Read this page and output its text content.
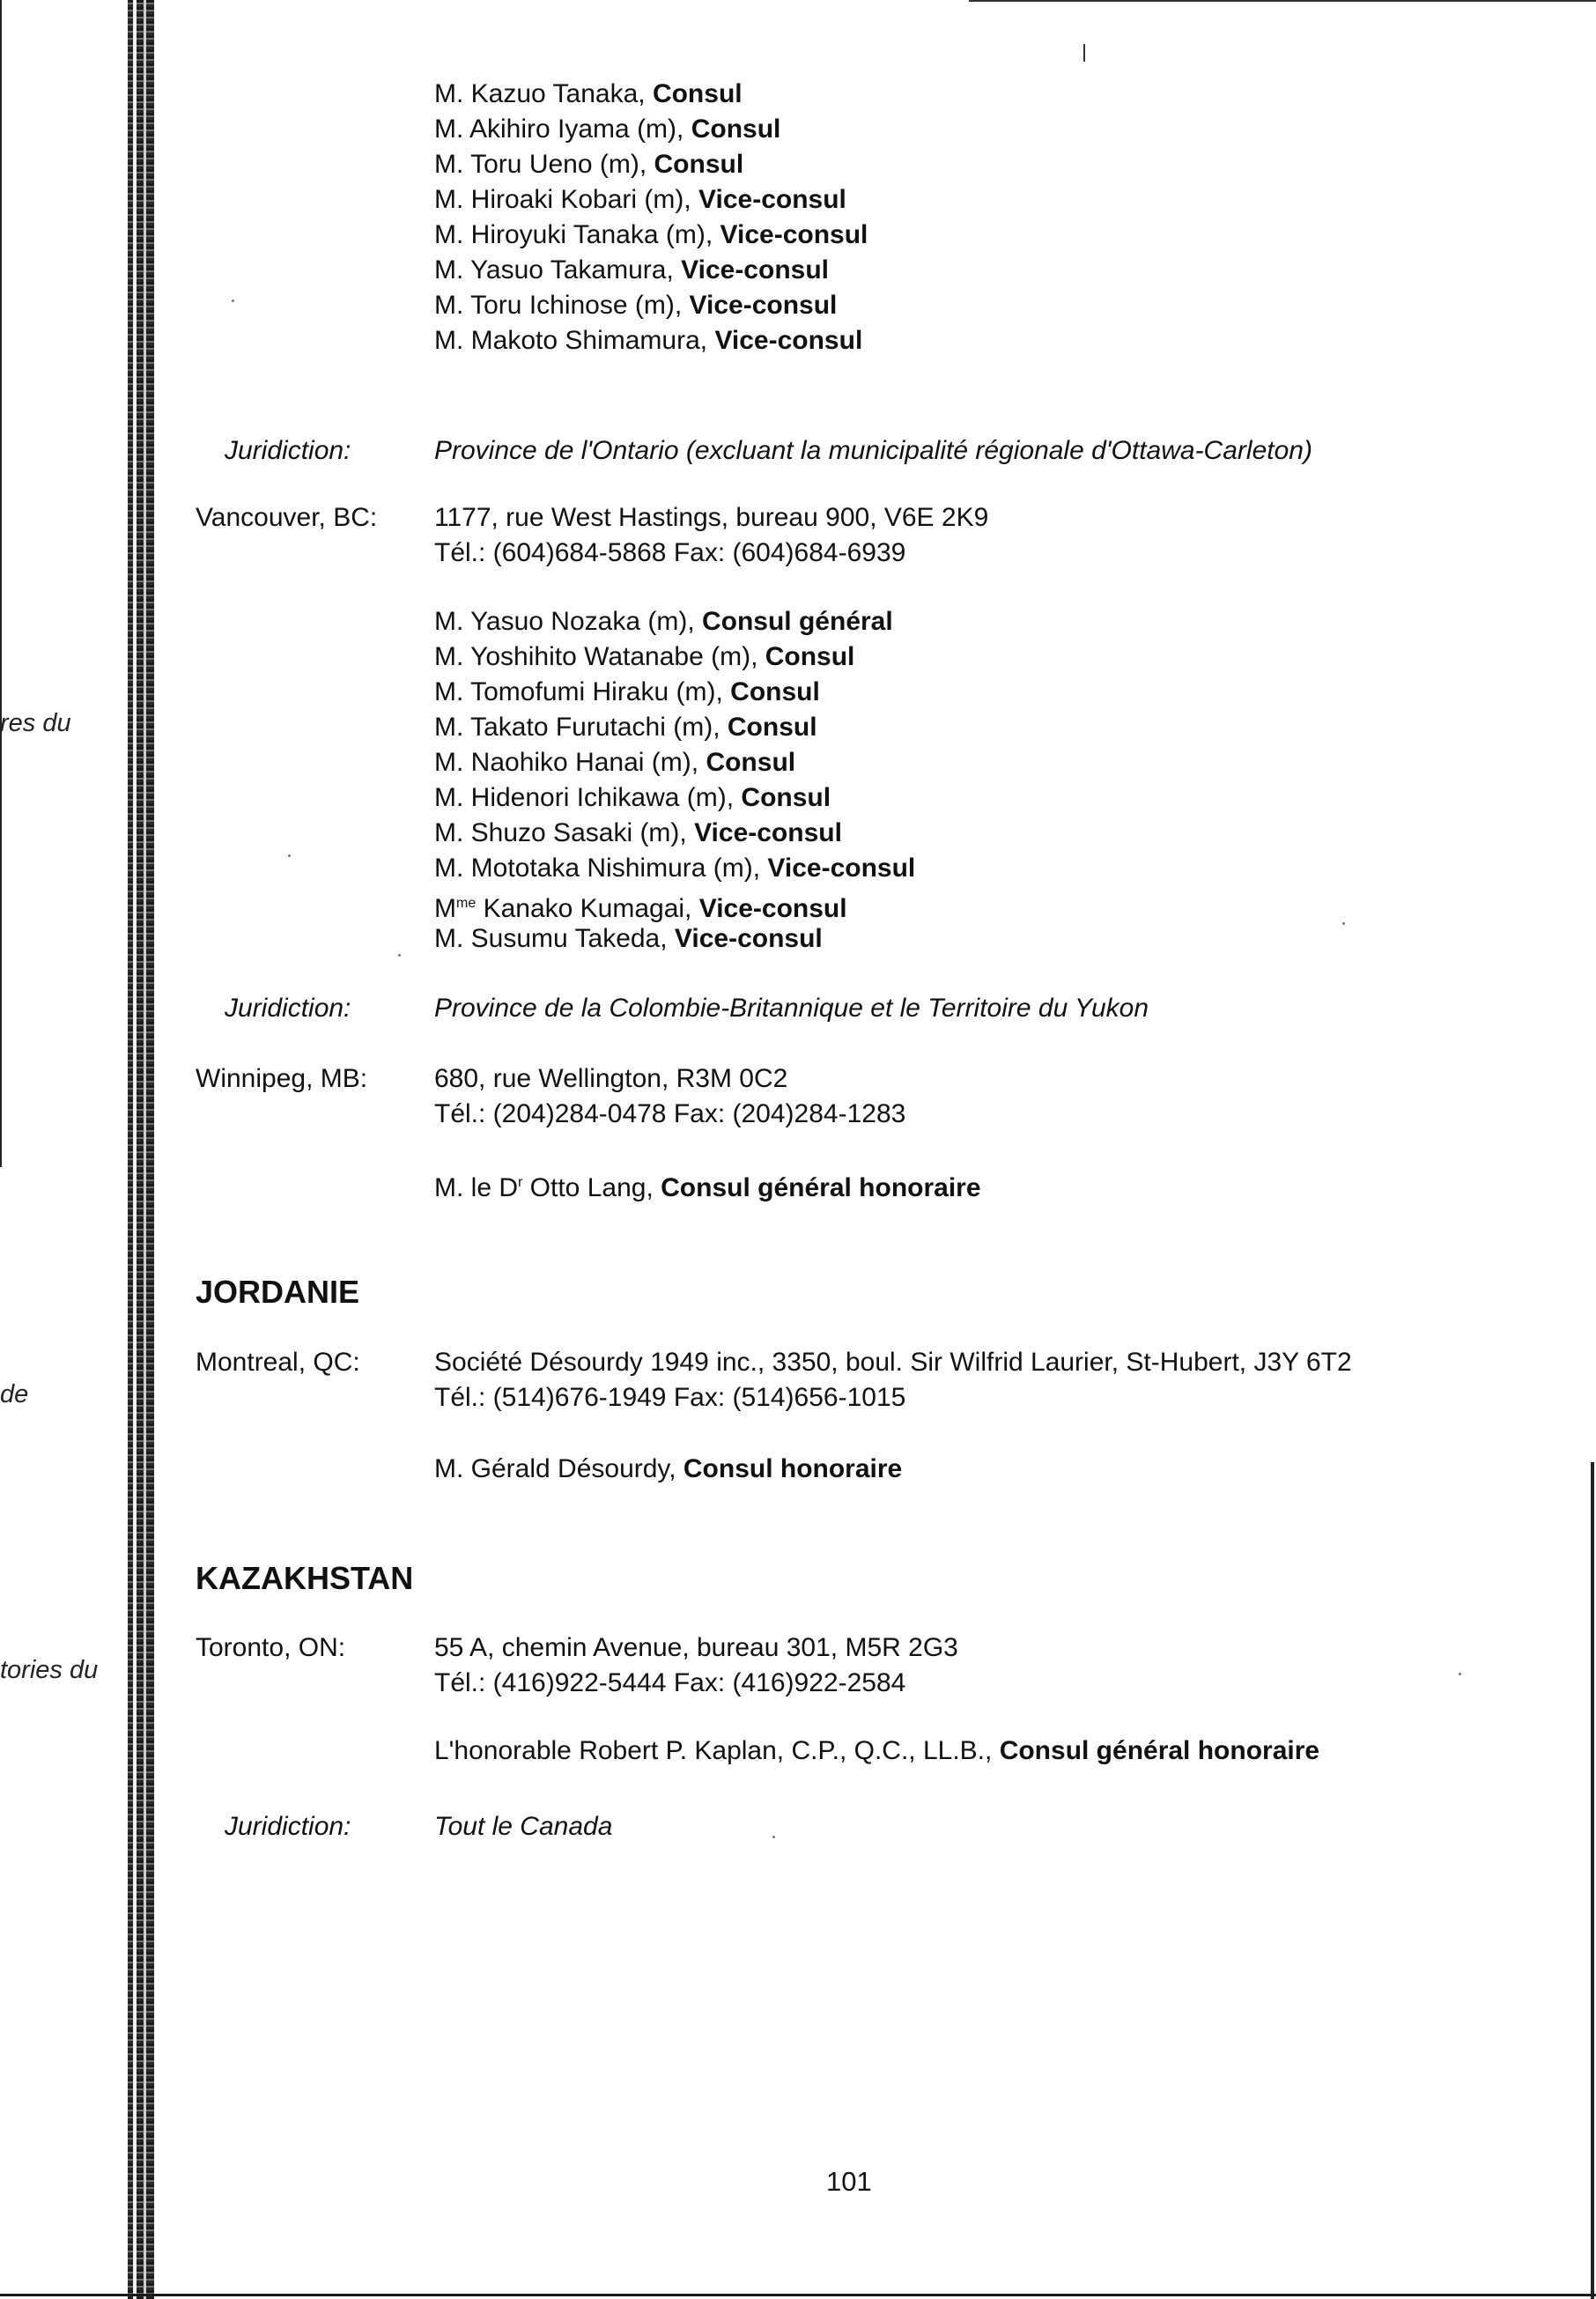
res du
de
tories du
M. Kazuo Tanaka, Consul
M. Akihiro Iyama (m), Consul
M. Toru Ueno (m), Consul
M. Hiroaki Kobari (m), Vice-consul
M. Hiroyuki Tanaka (m), Vice-consul
M. Yasuo Takamura, Vice-consul
M. Toru Ichinose (m), Vice-consul
M. Makoto Shimamura, Vice-consul
Juridiction:	Province de l'Ontario (excluant la municipalité régionale d'Ottawa-Carleton)
Vancouver, BC: 1177, rue West Hastings, bureau 900, V6E 2K9
Tél.: (604)684-5868 Fax: (604)684-6939
M. Yasuo Nozaka (m), Consul général
M. Yoshihito Watanabe (m), Consul
M. Tomofumi Hiraku (m), Consul
M. Takato Furutachi (m), Consul
M. Naohiko Hanai (m), Consul
M. Hidenori Ichikawa (m), Consul
M. Shuzo Sasaki (m), Vice-consul
M. Mototaka Nishimura (m), Vice-consul
$M^{me}$ Kanako Kumagai, Vice-consul
M. Susumu Takeda, Vice-consul
Juridiction:	Province de la Colombie-Britannique et le Territoire du Yukon
Winnipeg, MB:	680, rue Wellington, R3M 0C2
Tél.: (204)284-0478 Fax: (204)284-1283
M. le $D^r$ Otto Lang, Consul général honoraire
JORDANIE
Montreal, QC:	Société Désourdy 1949 inc., 3350, boul. Sir Wilfrid Laurier, St-Hubert, J3Y 6T2
Tél.: (514)676-1949 Fax: (514)656-1015
M. Gérald Désourdy, Consul honoraire
KAZAKHSTAN
Toronto, ON:	55 A, chemin Avenue, bureau 301, M5R 2G3
Tél.: (416)922-5444 Fax: (416)922-2584
L'honorable Robert P. Kaplan, C.P., Q.C., LL.B., Consul général honoraire
Juridiction:	Tout le Canada
101
